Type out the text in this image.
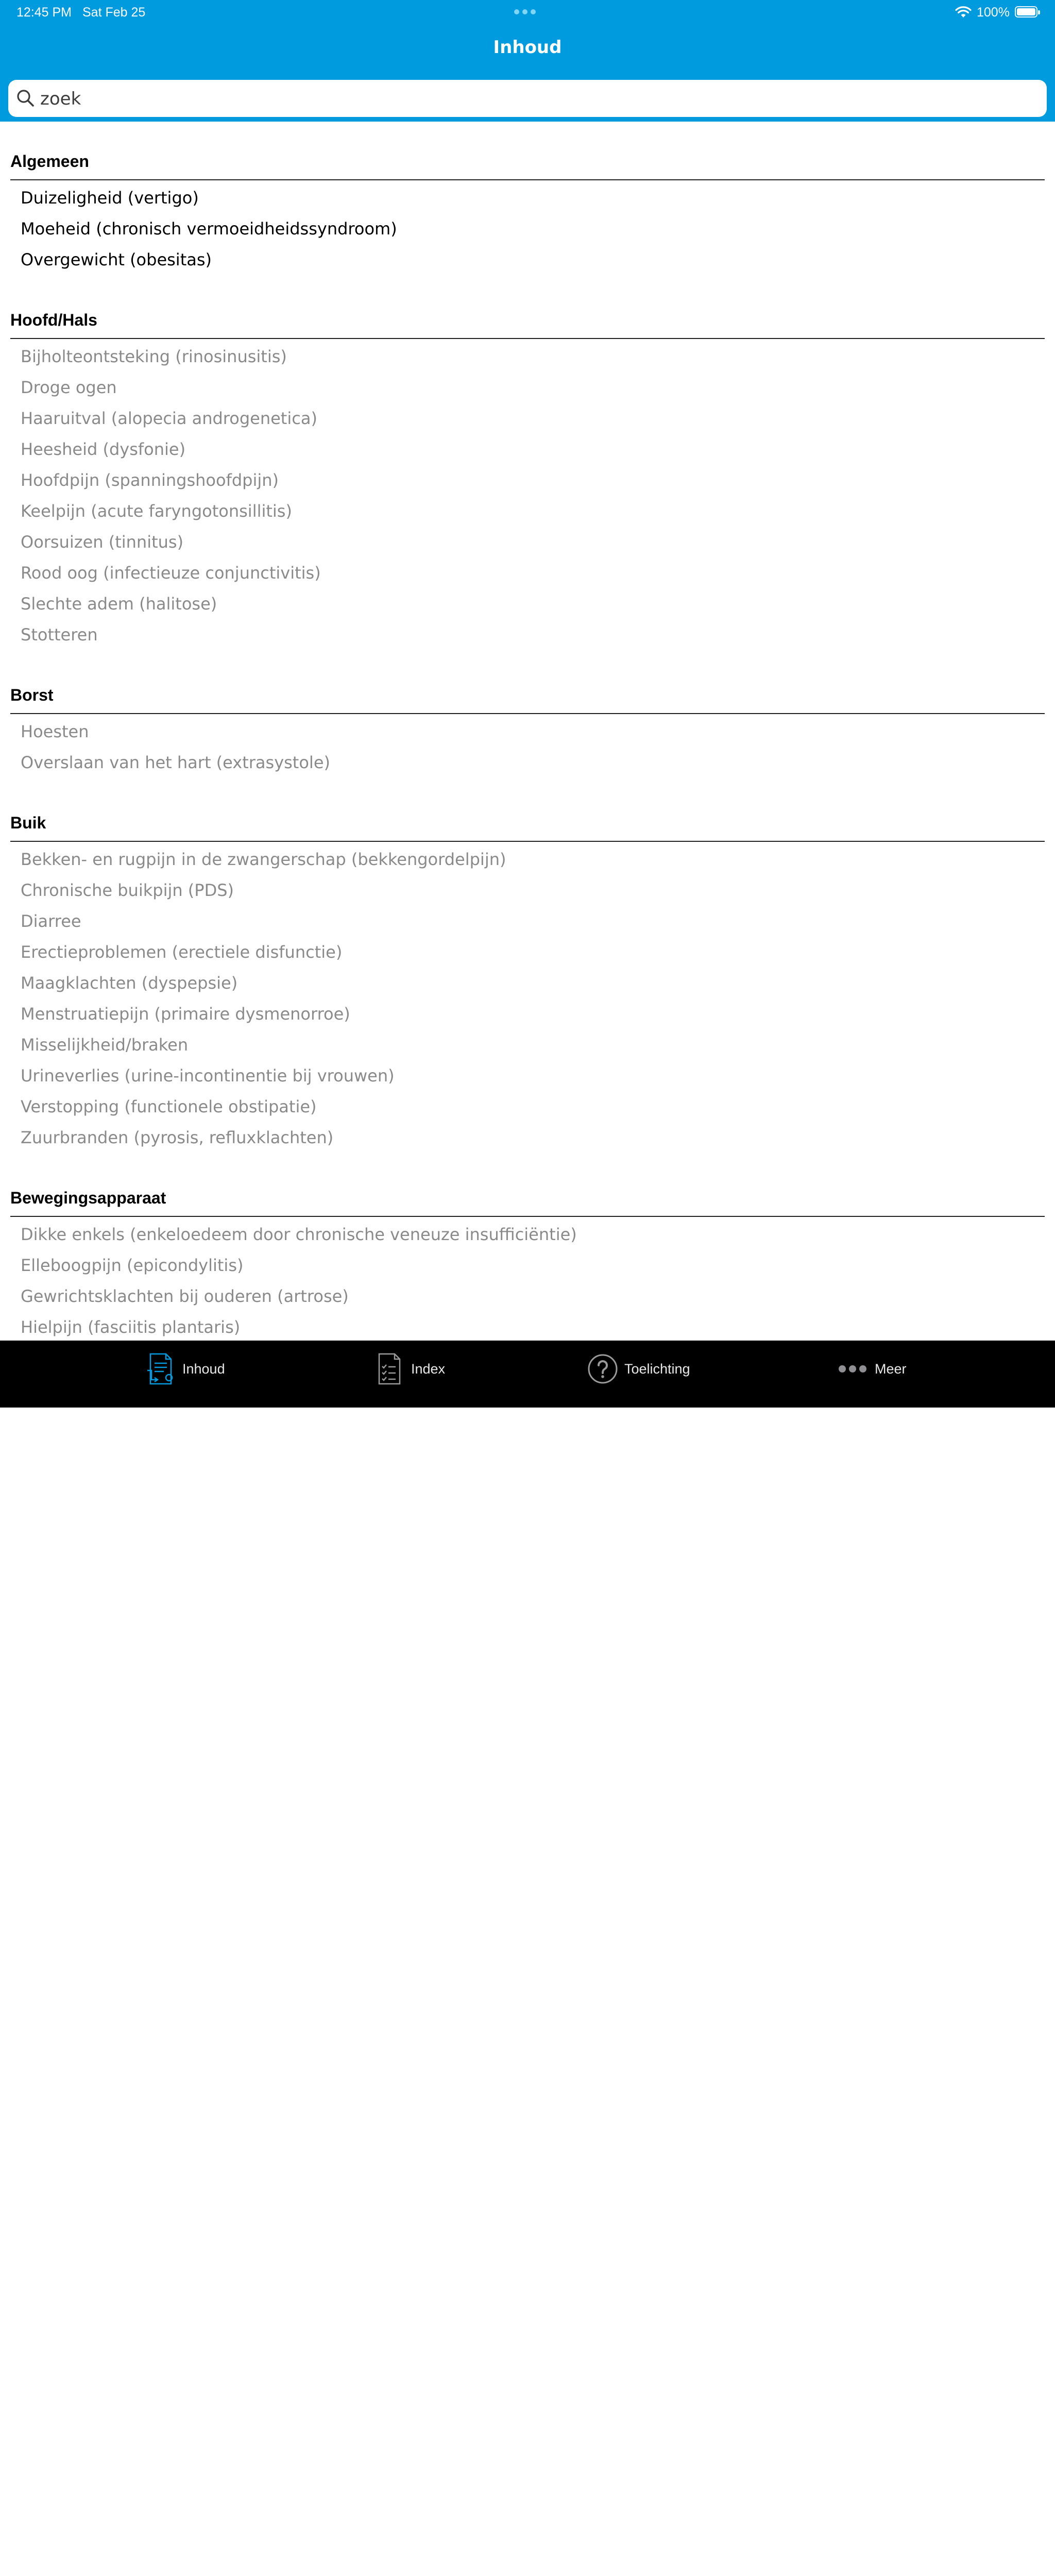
12:45 PM Sat Feb 25	100%
Inhoud
zoek
Algemeen
Duizeligheid (vertigo)
Moeheid (chronisch vermoeidheidssyndroom)
Overgewicht (obesitas)
Hoofd/Hals
Bijholteontsteking (rinosinusitis)
Droge ogen
Haaruitval (alopecia androgenetica)
Heesheid (dysfonie)
Hoofdpijn (spanningshoofdpijn)
Keelpijn (acute faryngotonsillitis)
Oorsuizen (tinnitus)
Rood oog (infectieuze conjunctivitis)
Slechte adem (halitose)
Stotteren
Borst
Hoesten
Overslaan van het hart (extrasystole)
Buik
Bekken- en rugpijn in de zwangerschap (bekkengordelpijn)
Chronische buikpijn (PDS)
Diarree
Erectieproblemen (erectiele disfunctie)
Maagklachten (dyspepsie)
Menstruatiepijn (primaire dysmenorroe)
Misselijkheid/braken
Urineverlies (urine-incontinentie bij vrouwen)
Verstopping (functionele obstipatie)
Zuurbranden (pyrosis, refluxklachten)
Bewegingsapparaat
Dikke enkels (enkeloedeem door chronische veneuze insufficiëntie)
Elleboogpijn (epicondylitis)
Gewrichtsklachten bij ouderen (artrose)
Hielpijn (fasciitis plantaris)
Inhoud	Index	Toelichting	Meer
